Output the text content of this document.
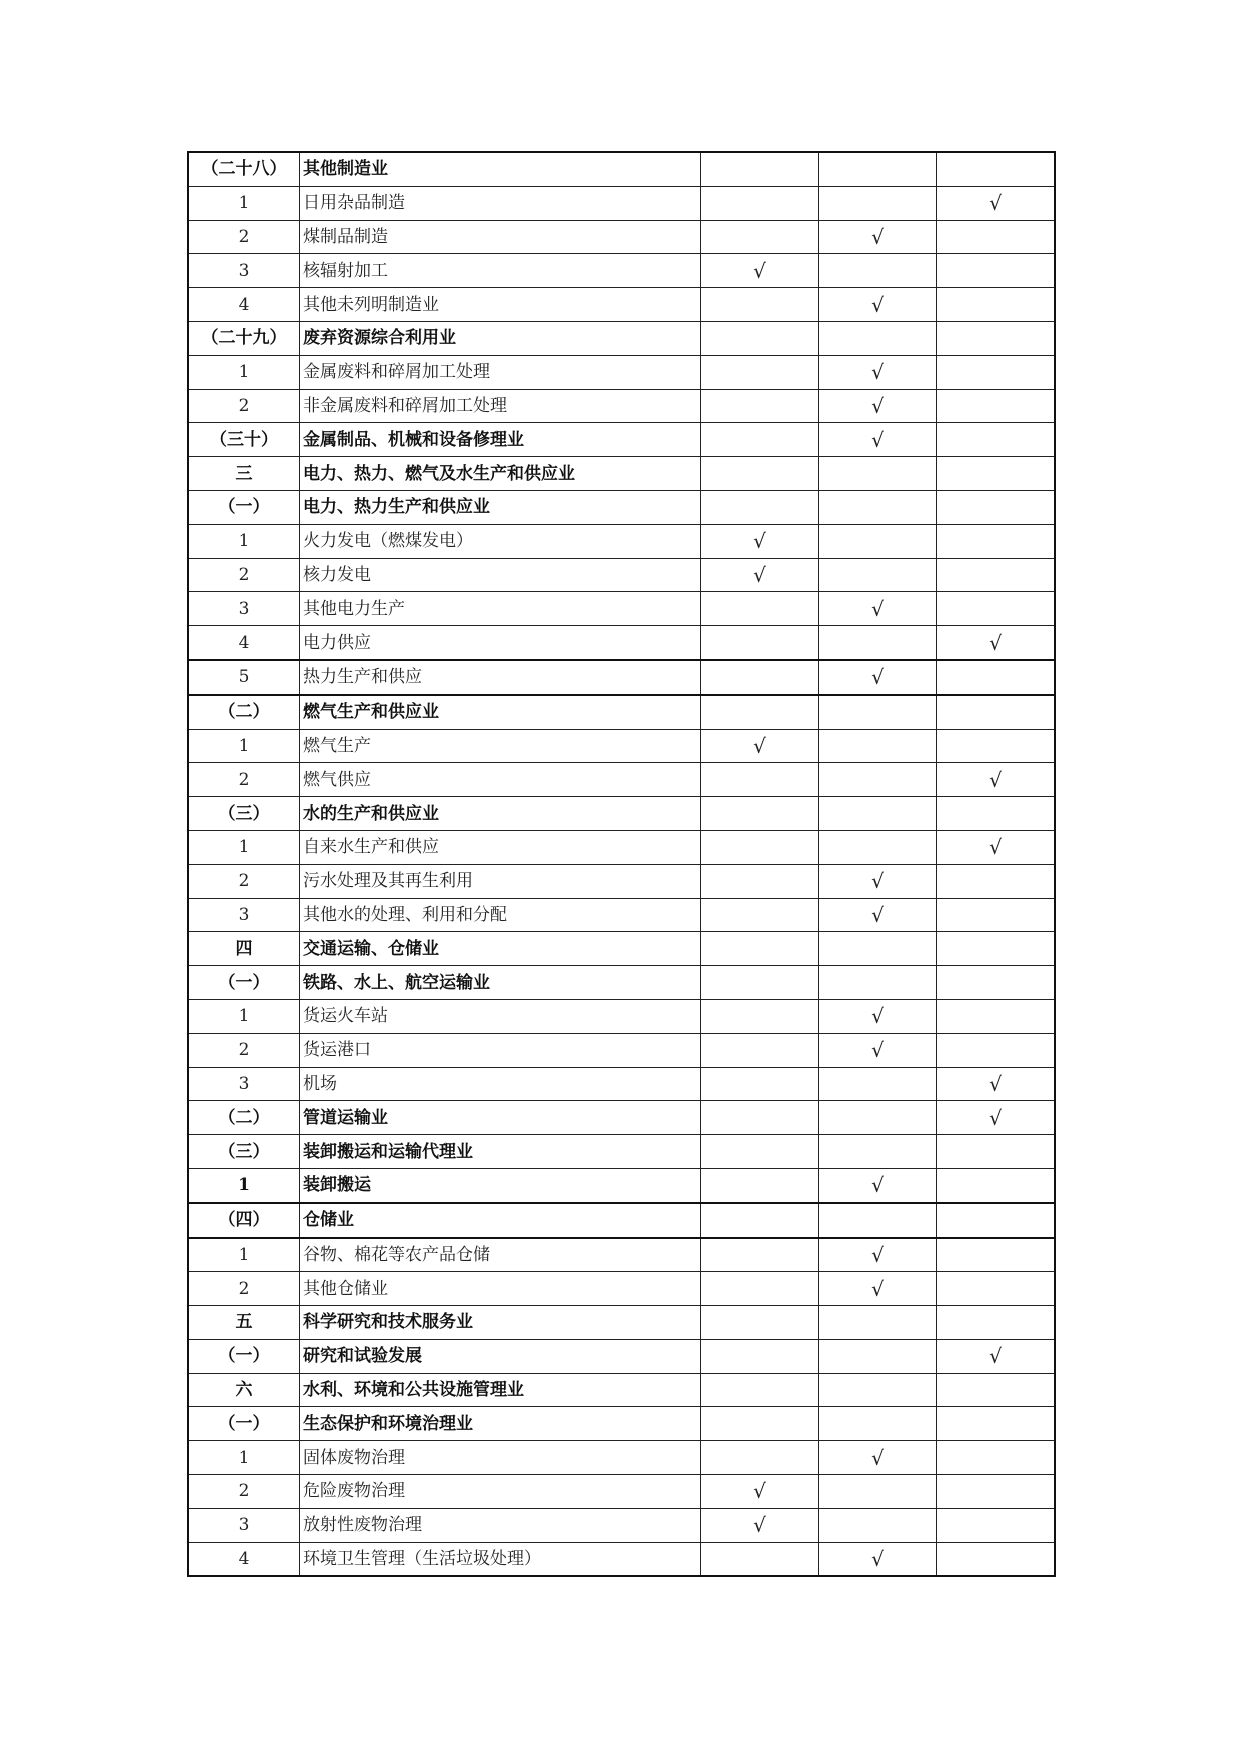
（二十八）	其他制造业			
1	日用杂品制造			√
2	煤制品制造		√	
3	核辐射加工	√		
4	其他未列明制造业		√	
（二十九）	废弃资源综合利用业			
1	金属废料和碎屑加工处理		√	
2	非金属废料和碎屑加工处理		√	
（三十）	金属制品、机械和设备修理业		√	
三	电力、热力、燃气及水生产和供应业			
（一）	电力、热力生产和供应业			
1	火力发电（燃煤发电）	√		
2	核力发电	√		
3	其他电力生产		√	
4	电力供应			√
5	热力生产和供应		√	
（二）	燃气生产和供应业			
1	燃气生产	√		
2	燃气供应			√
（三）	水的生产和供应业			
1	自来水生产和供应			√
2	污水处理及其再生利用		√	
3	其他水的处理、利用和分配		√	
四	交通运输、仓储业			
（一）	铁路、水上、航空运输业			
1	货运火车站		√	
2	货运港口		√	
3	机场			√
（二）	管道运输业			√
（三）	装卸搬运和运输代理业			
1	装卸搬运		√	
（四）	仓储业			
1	谷物、棉花等农产品仓储		√	
2	其他仓储业		√	
五	科学研究和技术服务业			
（一）	研究和试验发展			√
六	水利、环境和公共设施管理业			
（一）	生态保护和环境治理业			
1	固体废物治理		√	
2	危险废物治理	√		
3	放射性废物治理	√		
4	环境卫生管理（生活垃圾处理）		√	
